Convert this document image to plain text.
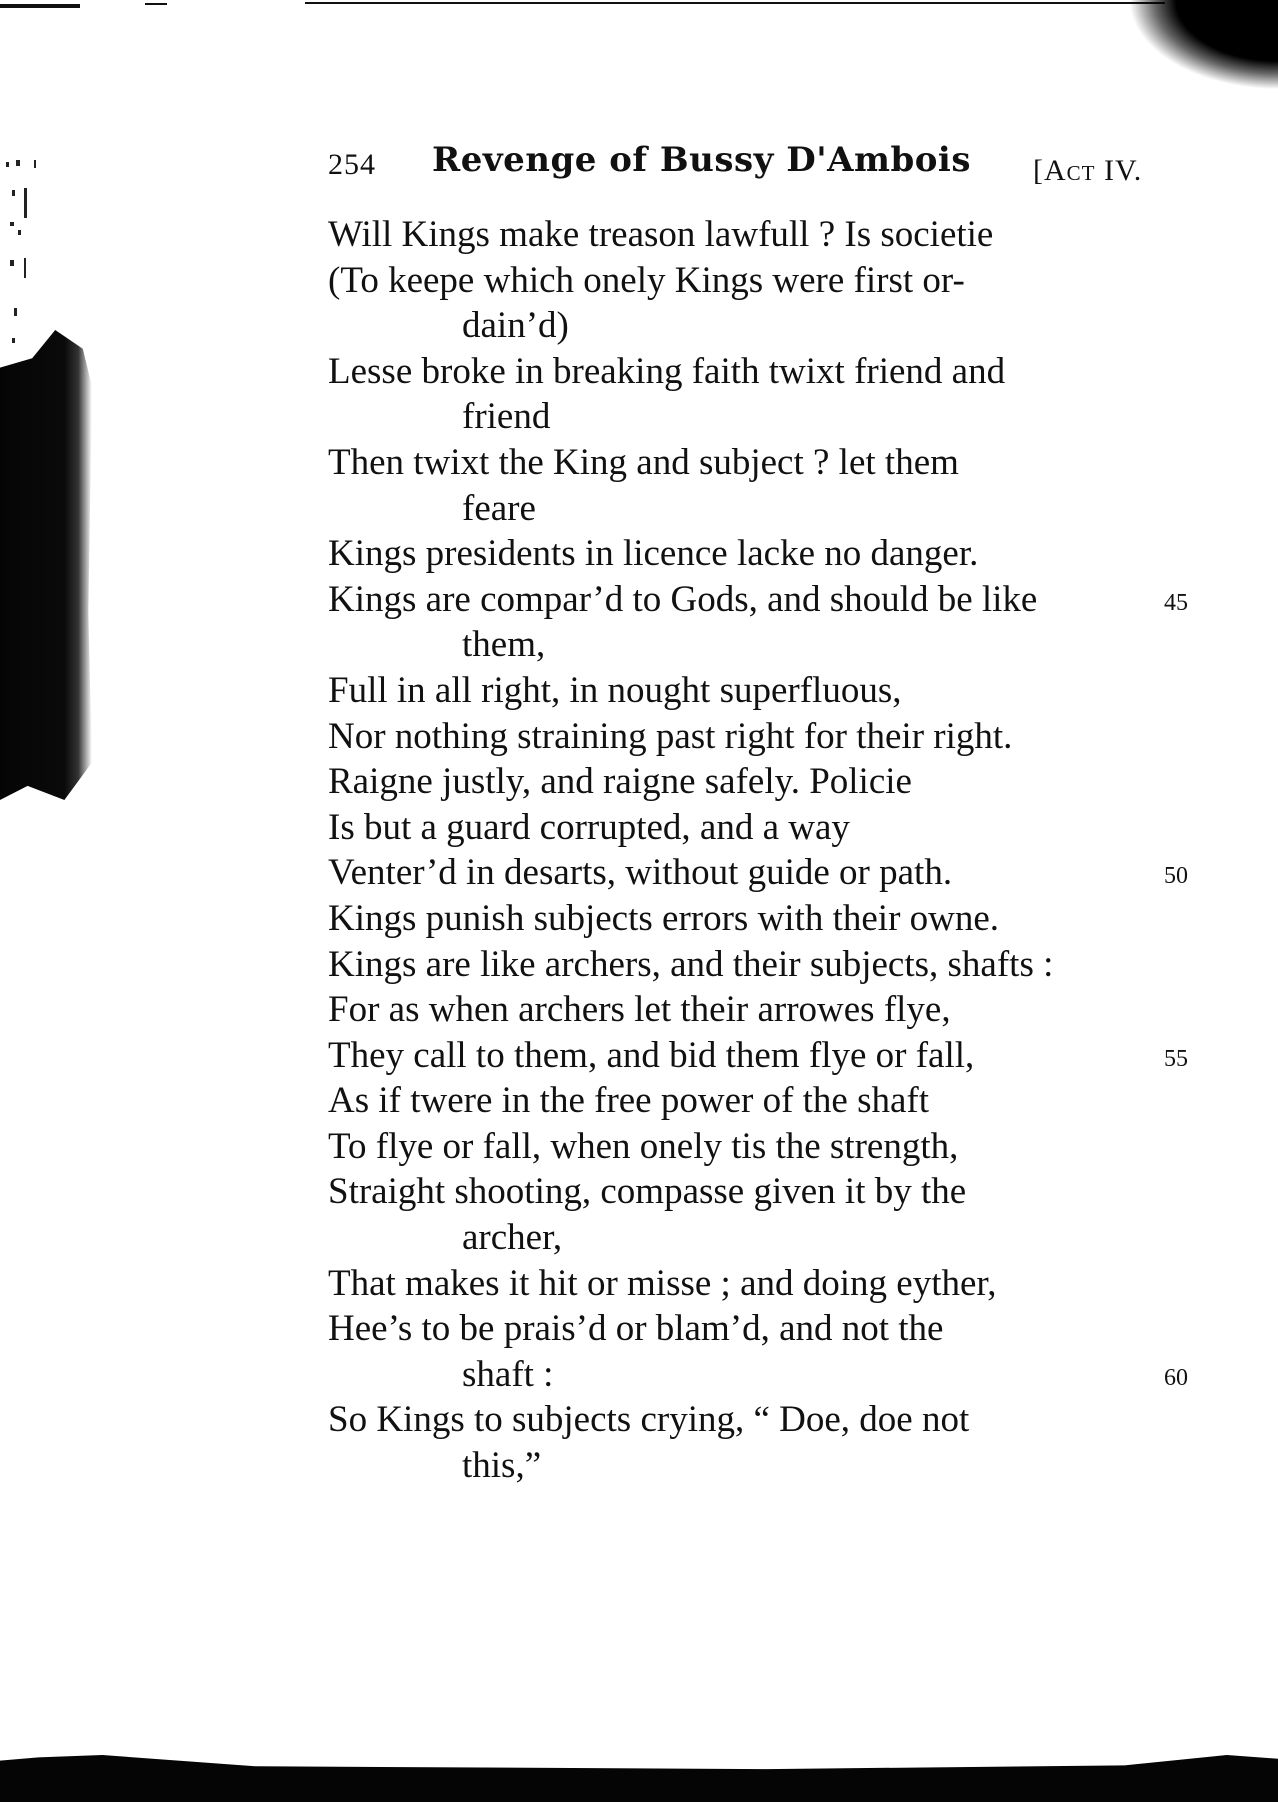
254 Revenge of Bussy D'Ambois [Act IV.
Will Kings make treason lawfull ? Is societie
(To keepe which onely Kings were first or-
dain’d)
Lesse broke in breaking faith twixt friend and
friend
Then twixt the King and subject ? let them
feare
Kings presidents in licence lacke no danger.
Kings are compar’d to Gods, and should be like	45
them,
Full in all right, in nought superfluous,
Nor nothing straining past right for their right.
Raigne justly, and raigne safely. Policie
Is but a guard corrupted, and a way
Venter’d in desarts, without guide or path.	50
Kings punish subjects errors with their owne.
Kings are like archers, and their subjects, shafts :
For as when archers let their arrowes flye,
They call to them, and bid them flye or fall,	55
As if twere in the free power of the shaft
To flye or fall, when onely tis the strength,
Straight shooting, compasse given it by the
archer,
That makes it hit or misse ; and doing eyther,
Hee’s to be prais’d or blam’d, and not the
shaft :	60
So Kings to subjects crying, “ Doe, doe not
this,”
